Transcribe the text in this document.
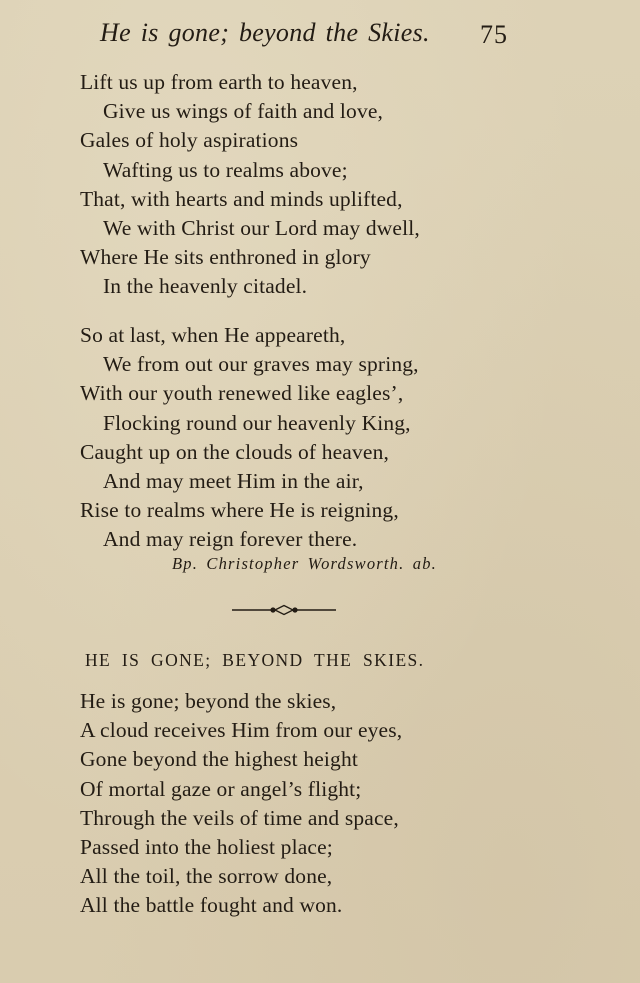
He is gone; beyond the Skies. 75
Lift us up from earth to heaven,
Give us wings of faith and love,
Gales of holy aspirations
Wafting us to realms above;
That, with hearts and minds uplifted,
We with Christ our Lord may dwell,
Where He sits enthroned in glory
In the heavenly citadel.
So at last, when He appeareth,
We from out our graves may spring,
With our youth renewed like eagles’,
Flocking round our heavenly King,
Caught up on the clouds of heaven,
And may meet Him in the air,
Rise to realms where He is reigning,
And may reign forever there.
Bp. Christopher Wordsworth. ab.
HE IS GONE; BEYOND THE SKIES.
He is gone; beyond the skies,
A cloud receives Him from our eyes,
Gone beyond the highest height
Of mortal gaze or angel’s flight;
Through the veils of time and space,
Passed into the holiest place;
All the toil, the sorrow done,
All the battle fought and won.
